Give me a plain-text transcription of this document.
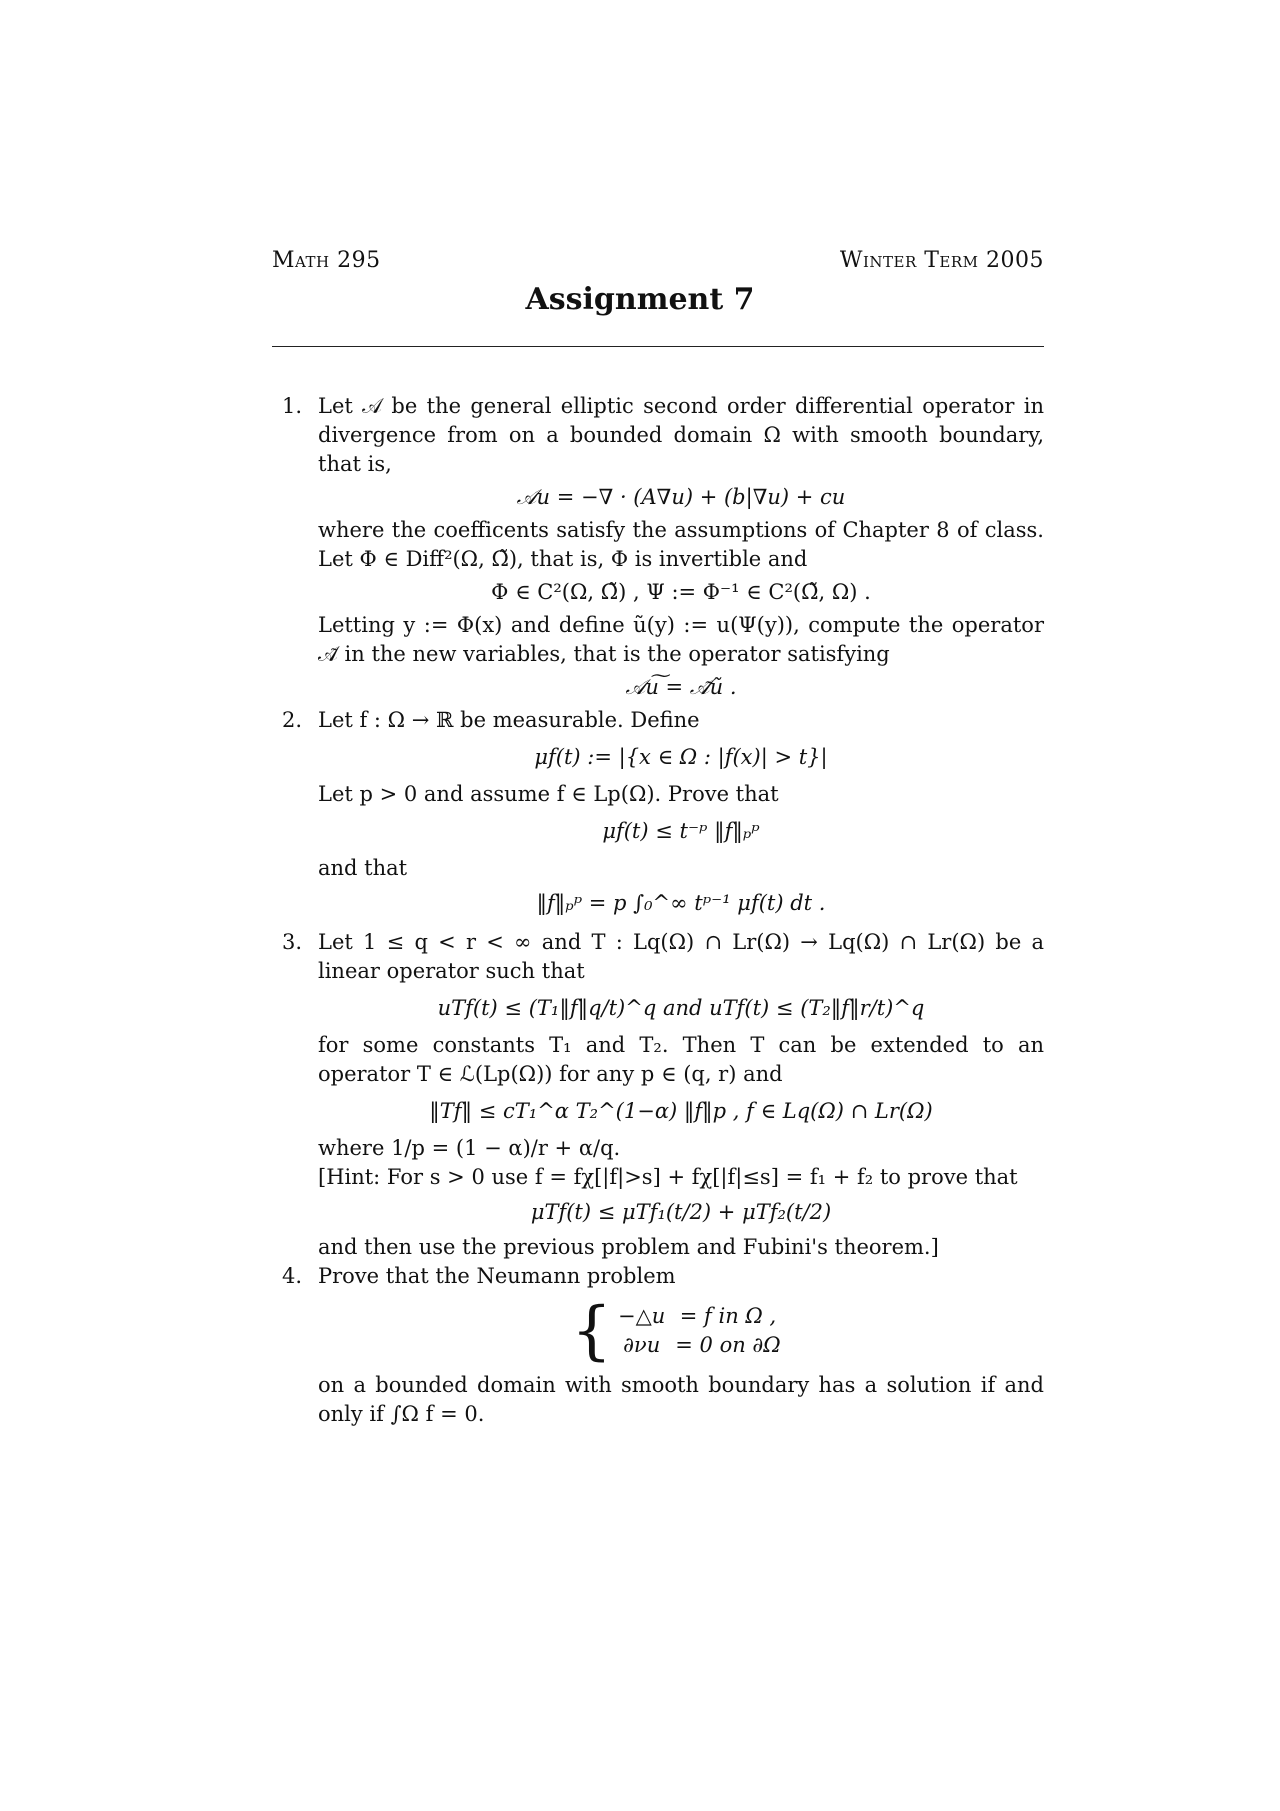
Math 295	Winter Term 2005
Assignment 7
1. Let 𝒜 be the general elliptic second order differential operator in divergence from on a bounded domain Ω with smooth boundary, that is,

𝒜u = −∇ · (A∇u) + (b|∇u) + cu

where the coefficents satisfy the assumptions of Chapter 8 of class. Let Φ ∈ Diff²(Ω, Ω̃), that is, Φ is invertible and

Φ ∈ C²(Ω, Ω̃) , Ψ := Φ⁻¹ ∈ C²(Ω̃, Ω) .

Letting y := Φ(x) and define ũ(y) := u(Ψ(y)), compute the operator 𝒜̃ in the new variables, that is the operator satisfying

𝒜u͠ = 𝒜̃ũ .
2. Let f : Ω → ℝ be measurable. Define

μf(t) := |{x ∈ Ω : |f(x)| > t}|

Let p > 0 and assume f ∈ Lp(Ω). Prove that

μf(t) ≤ t⁻ᵖ ‖f‖ₚᵖ

and that

‖f‖ₚᵖ = p ∫₀^∞ tᵖ⁻¹ μf(t) dt .
3. Let 1 ≤ q < r < ∞ and T : Lq(Ω) ∩ Lr(Ω) → Lq(Ω) ∩ Lr(Ω) be a linear operator such that

uTf(t) ≤ (T₁‖f‖q/t)^q and uTf(t) ≤ (T₂‖f‖r/t)^q

for some constants T₁ and T₂. Then T can be extended to an operator T ∈ ℒ(Lp(Ω)) for any p ∈ (q, r) and

‖Tf‖ ≤ cT₁^α T₂^(1−α) ‖f‖p , f ∈ Lq(Ω) ∩ Lr(Ω)

where 1/p = (1 − α)/r + α/q.

[Hint: For s > 0 use f = fχ[|f|>s] + fχ[|f|≤s] = f₁ + f₂ to prove that

μTf(t) ≤ μTf₁(t/2) + μTf₂(t/2)

and then use the previous problem and Fubini's theorem.]

4. Prove that the Neumann problem

{ −△u	= f in Ω ,
∂νu	= 0 on ∂Ω

on a bounded domain with smooth boundary has a solution if and only if ∫Ω f = 0.
